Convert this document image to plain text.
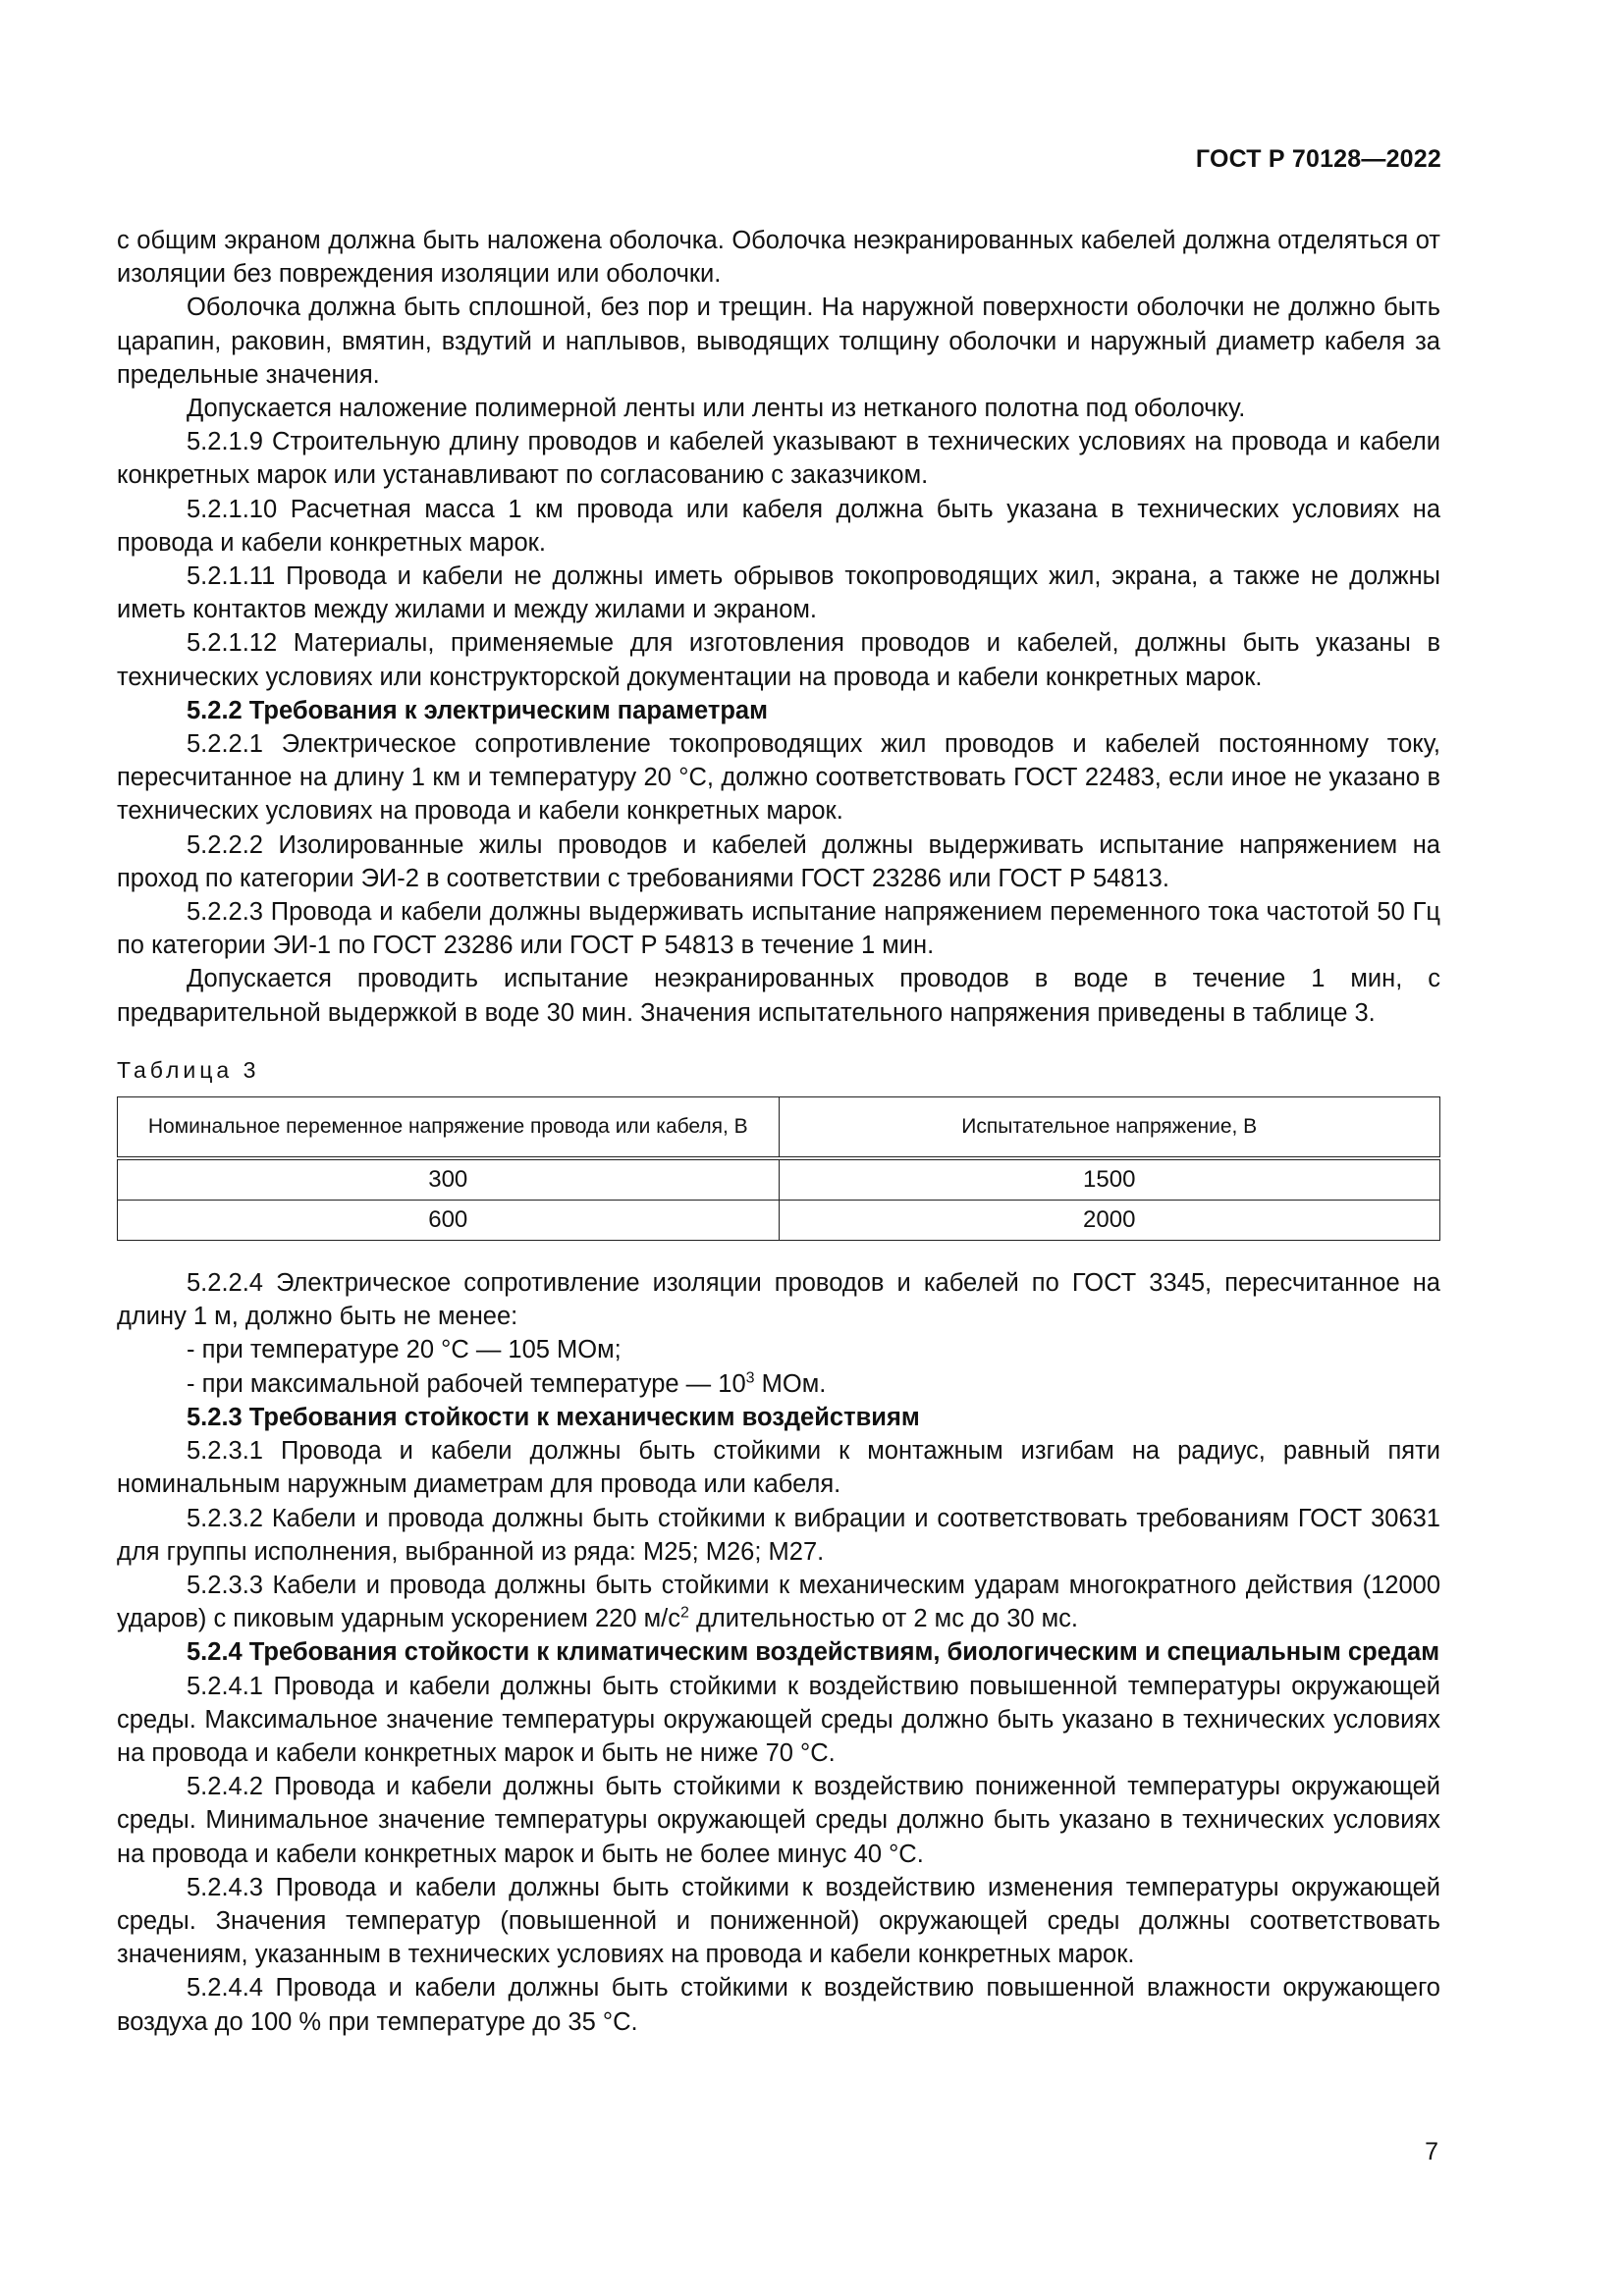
ГОСТ Р 70128—2022

с общим экраном должна быть наложена оболочка. Оболочка неэкранированных кабелей должна отделяться от изоляции без повреждения изоляции или оболочки.

Оболочка должна быть сплошной, без пор и трещин. На наружной поверхности оболочки не должно быть царапин, раковин, вмятин, вздутий и наплывов, выводящих толщину оболочки и наружный диаметр кабеля за предельные значения.

Допускается наложение полимерной ленты или ленты из нетканого полотна под оболочку.

5.2.1.9 Строительную длину проводов и кабелей указывают в технических условиях на провода и кабели конкретных марок или устанавливают по согласованию с заказчиком.

5.2.1.10 Расчетная масса 1 км провода или кабеля должна быть указана в технических условиях на провода и кабели конкретных марок.

5.2.1.11 Провода и кабели не должны иметь обрывов токопроводящих жил, экрана, а также не должны иметь контактов между жилами и между жилами и экраном.

5.2.1.12 Материалы, применяемые для изготовления проводов и кабелей, должны быть указаны в технических условиях или конструкторской документации на провода и кабели конкретных марок.

5.2.2 Требования к электрическим параметрам

5.2.2.1 Электрическое сопротивление токопроводящих жил проводов и кабелей постоянному току, пересчитанное на длину 1 км и температуру 20 °С, должно соответствовать ГОСТ 22483, если иное не указано в технических условиях на провода и кабели конкретных марок.

5.2.2.2 Изолированные жилы проводов и кабелей должны выдерживать испытание напряжением на проход по категории ЭИ-2 в соответствии с требованиями ГОСТ 23286 или ГОСТ Р 54813.

5.2.2.3 Провода и кабели должны выдерживать испытание напряжением переменного тока частотой 50 Гц по категории ЭИ-1 по ГОСТ 23286 или ГОСТ Р 54813 в течение 1 мин.

Допускается проводить испытание неэкранированных проводов в воде в течение 1 мин, с предварительной выдержкой в воде 30 мин. Значения испытательного напряжения приведены в таблице 3.

Таблица 3

Номинальное переменное напряжение провода или кабеля, В	Испытательное напряжение, В
300	1500
600	2000

5.2.2.4 Электрическое сопротивление изоляции проводов и кабелей по ГОСТ 3345, пересчитанное на длину 1 м, должно быть не менее:

- при температуре 20 °С — 105 МОм;

- при максимальной рабочей температуре — $10^3$ МОм.

5.2.3 Требования стойкости к механическим воздействиям

5.2.3.1 Провода и кабели должны быть стойкими к монтажным изгибам на радиус, равный пяти номинальным наружным диаметрам для провода или кабеля.

5.2.3.2 Кабели и провода должны быть стойкими к вибрации и соответствовать требованиям ГОСТ 30631 для группы исполнения, выбранной из ряда: М25; М26; М27.

5.2.3.3 Кабели и провода должны быть стойкими к механическим ударам многократного действия (12000 ударов) с пиковым ударным ускорением 220 $м/с^2$ длительностью от 2 мс до 30 мс.

5.2.4 Требования стойкости к климатическим воздействиям, биологическим и специальным средам

5.2.4.1 Провода и кабели должны быть стойкими к воздействию повышенной температуры окружающей среды. Максимальное значение температуры окружающей среды должно быть указано в технических условиях на провода и кабели конкретных марок и быть не ниже 70 °С.

5.2.4.2 Провода и кабели должны быть стойкими к воздействию пониженной температуры окружающей среды. Минимальное значение температуры окружающей среды должно быть указано в технических условиях на провода и кабели конкретных марок и быть не более минус 40 °С.

5.2.4.3 Провода и кабели должны быть стойкими к воздействию изменения температуры окружающей среды. Значения температур (повышенной и пониженной) окружающей среды должны соответствовать значениям, указанным в технических условиях на провода и кабели конкретных марок.

5.2.4.4 Провода и кабели должны быть стойкими к воздействию повышенной влажности окружающего воздуха до 100 % при температуре до 35 °С.

7
